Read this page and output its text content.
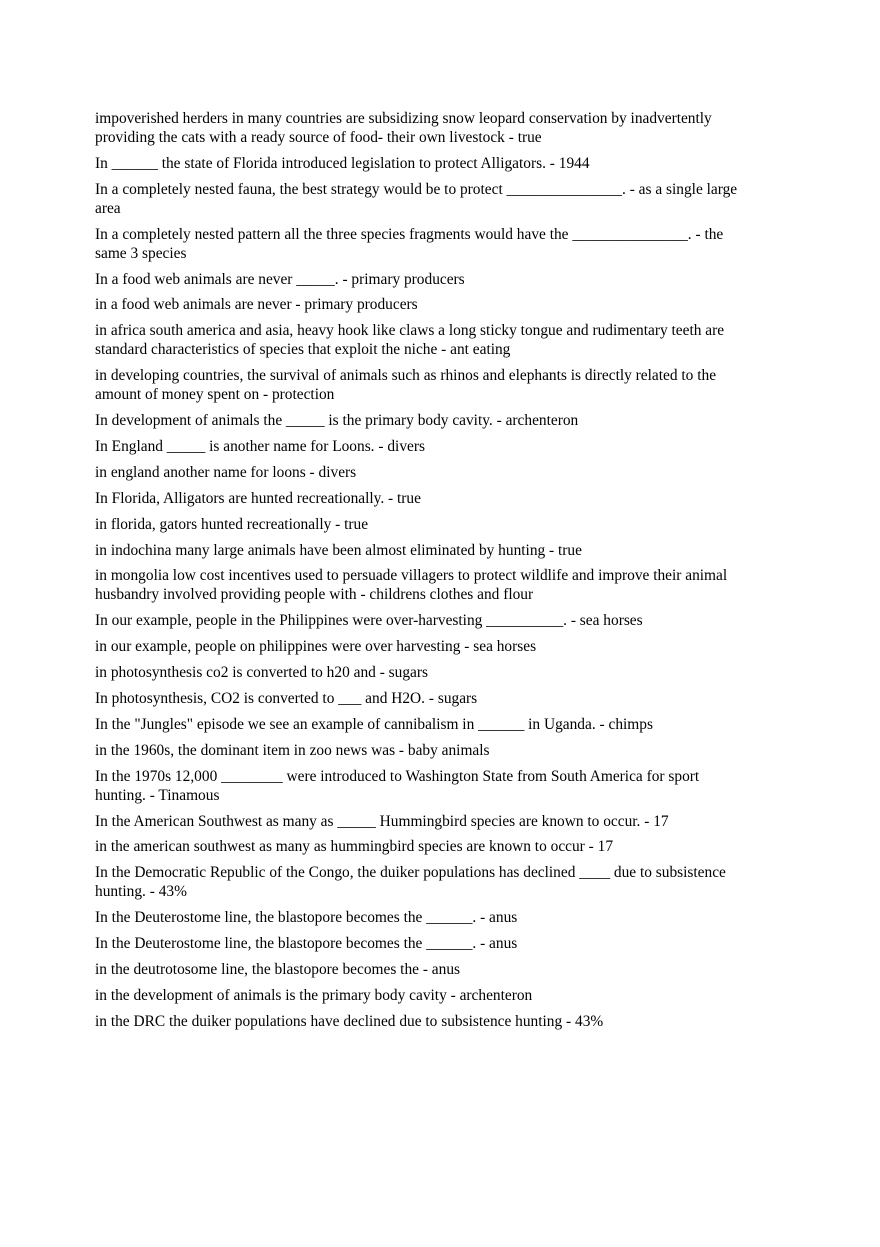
impoverished herders in many countries are subsidizing snow leopard conservation by inadvertently providing the cats with a ready source of food- their own livestock - true

In ______ the state of Florida introduced legislation to protect Alligators. - 1944

In a completely nested fauna, the best strategy would be to protect _______________. - as a single large area

In a completely nested pattern all the three species fragments would have the _______________. - the same 3 species

In a food web animals are never _____. - primary producers

in a food web animals are never - primary producers

in africa south america and asia, heavy hook like claws a long sticky tongue and rudimentary teeth are standard characteristics of species that exploit the niche - ant eating

in developing countries, the survival of animals such as rhinos and elephants is directly related to the amount of money spent on - protection

In development of animals the _____ is the primary body cavity. - archenteron

In England _____ is another name for Loons. - divers

in england another name for loons - divers

In Florida, Alligators are hunted recreationally. - true

in florida, gators hunted recreationally - true

in indochina many large animals have been almost eliminated by hunting - true

in mongolia low cost incentives used to persuade villagers to protect wildlife and improve their animal husbandry involved providing people with - childrens clothes and flour

In our example, people in the Philippines were over-harvesting __________. - sea horses

in our example, people on philippines were over harvesting - sea horses

in photosynthesis co2 is converted to h20 and - sugars

In photosynthesis, CO2 is converted to ___ and H2O. - sugars

In the "Jungles" episode we see an example of cannibalism in ______ in Uganda. - chimps

in the 1960s, the dominant item in zoo news was - baby animals

In the 1970s 12,000 ________ were introduced to Washington State from South America for sport hunting. - Tinamous

In the American Southwest as many as _____ Hummingbird species are known to occur. - 17

in the american southwest as many as hummingbird species are known to occur - 17

In the Democratic Republic of the Congo, the duiker populations has declined ____ due to subsistence hunting. - 43%

In the Deuterostome line, the blastopore becomes the ______. - anus

In the Deuterostome line, the blastopore becomes the ______. - anus

in the deutrotosome line, the blastopore becomes the - anus

in the development of animals is the primary body cavity - archenteron

in the DRC the duiker populations have declined due to subsistence hunting - 43%
